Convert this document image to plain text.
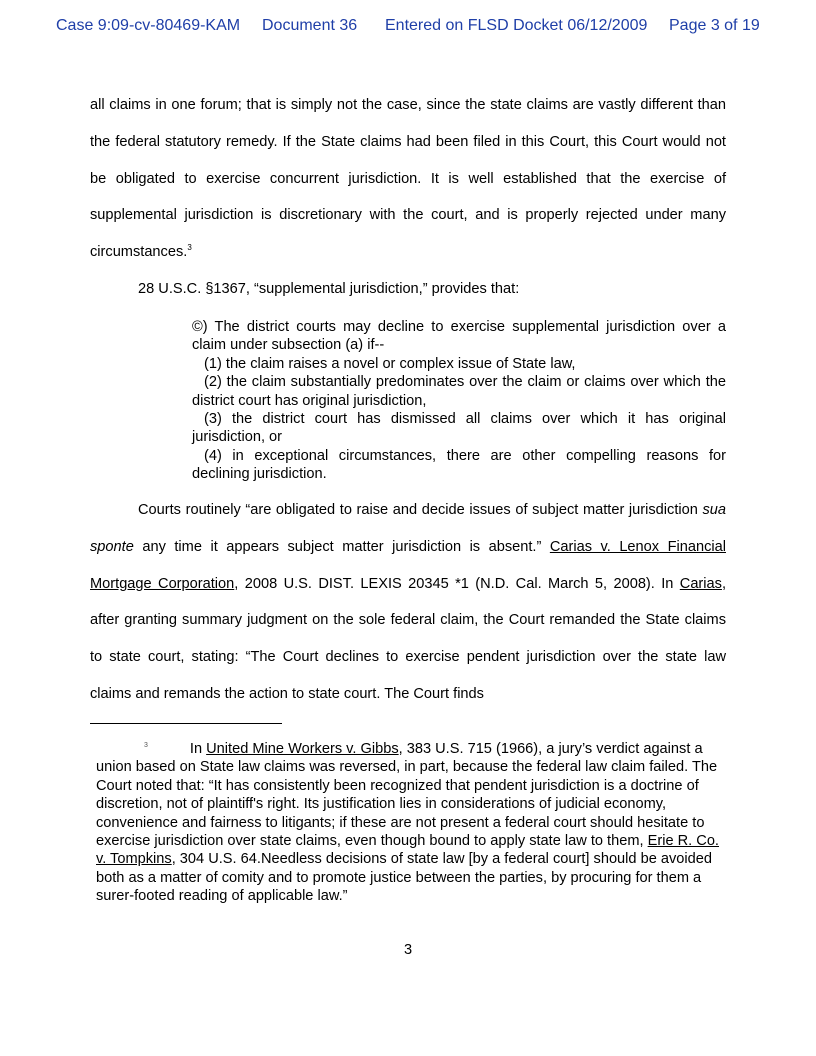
Case 9:09-cv-80469-KAM Document 36 Entered on FLSD Docket 06/12/2009 Page 3 of 19
all claims in one forum; that is simply not the case, since the state claims are vastly different than the federal statutory remedy. If the State claims had been filed in this Court, this Court would not be obligated to exercise concurrent jurisdiction. It is well established that the exercise of supplemental jurisdiction is discretionary with the court, and is properly rejected under many circumstances.$^3$
28 U.S.C. §1367, “supplemental jurisdiction,” provides that:
©) The district courts may decline to exercise supplemental jurisdiction over a claim under subsection (a) if--
(1) the claim raises a novel or complex issue of State law,
(2) the claim substantially predominates over the claim or claims over which the district court has original jurisdiction,
(3) the district court has dismissed all claims over which it has original jurisdiction, or
(4) in exceptional circumstances, there are other compelling reasons for declining jurisdiction.
Courts routinely “are obligated to raise and decide issues of subject matter jurisdiction sua sponte any time it appears subject matter jurisdiction is absent.” Carias v. Lenox Financial Mortgage Corporation, 2008 U.S. DIST. LEXIS 20345 *1 (N.D. Cal. March 5, 2008). In Carias, after granting summary judgment on the sole federal claim, the Court remanded the State claims to state court, stating: “The Court declines to exercise pendent jurisdiction over the state law claims and remands the action to state court. The Court finds
$^3$	In United Mine Workers v. Gibbs, 383 U.S. 715 (1966), a jury’s verdict against a union based on State law claims was reversed, in part, because the federal law claim failed. The Court noted that: “It has consistently been recognized that pendent jurisdiction is a doctrine of discretion, not of plaintiff's right. Its justification lies in considerations of judicial economy, convenience and fairness to litigants; if these are not present a federal court should hesitate to exercise jurisdiction over state claims, even though bound to apply state law to them, Erie R. Co. v. Tompkins, 304 U.S. 64.Needless decisions of state law [by a federal court] should be avoided both as a matter of comity and to promote justice between the parties, by procuring for them a surer-footed reading of applicable law.”
3
